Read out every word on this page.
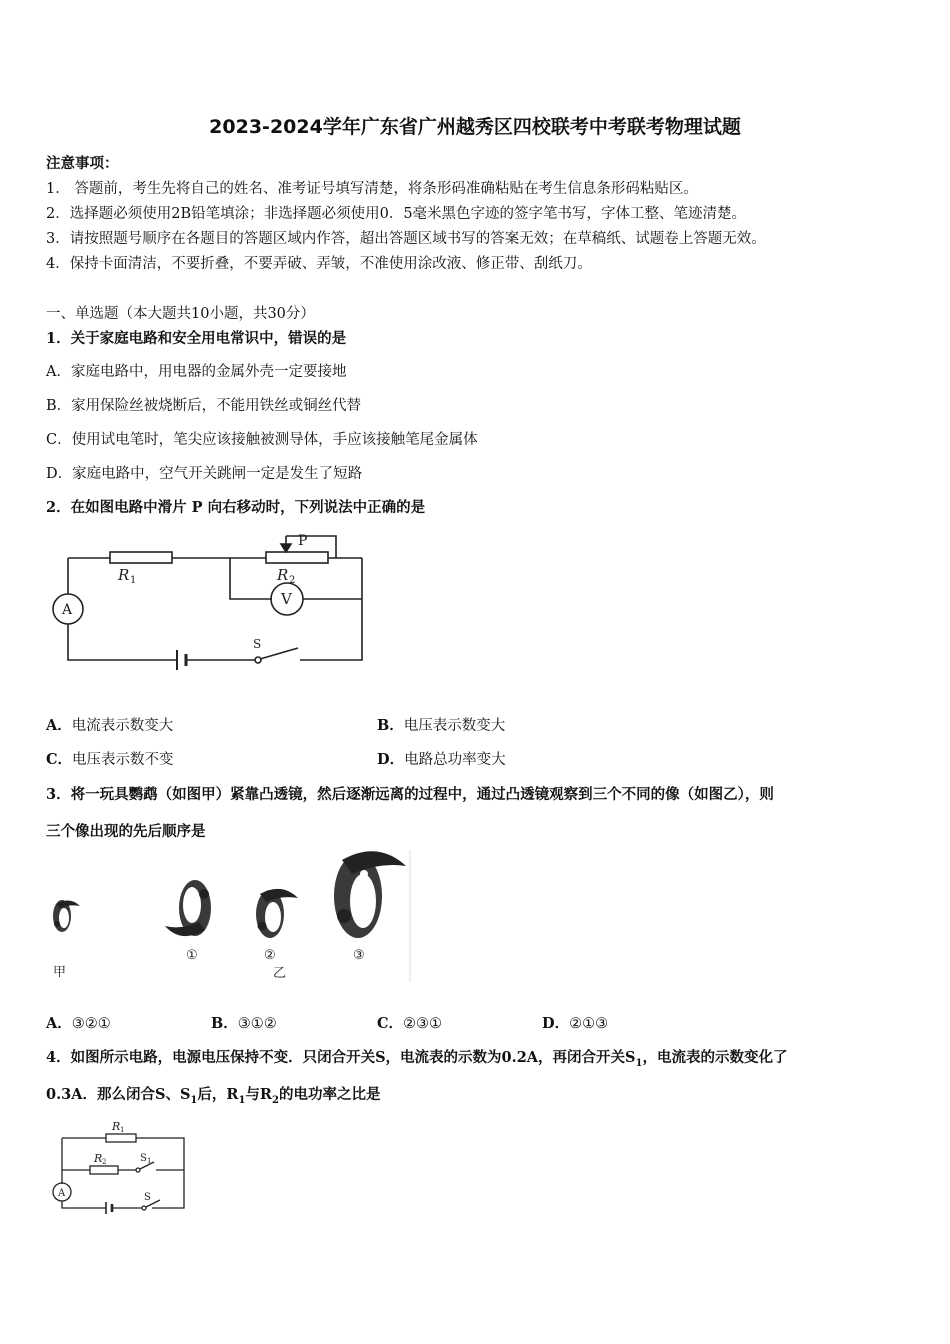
2023-2024学年广东省广州越秀区四校联考中考联考物理试题
注意事项：
1． 答题前，考生先将自己的姓名、准考证号填写清楚，将条形码准确粘贴在考生信息条形码粘贴区。
2．选择题必须使用2B铅笔填涂；非选择题必须使用0．5毫米黑色字迹的签字笔书写，字体工整、笔迹清楚。
3．请按照题号顺序在各题目的答题区域内作答，超出答题区域书写的答案无效；在草稿纸、试题卷上答题无效。
4．保持卡面清洁，不要折叠，不要弄破、弄皱，不准使用涂改液、修正带、刮纸刀。
一、单选题（本大题共10小题，共30分）
1．关于家庭电路和安全用电常识中，错误的是
A．家庭电路中，用电器的金属外壳一定要接地
B．家用保险丝被烧断后，不能用铁丝或铜丝代替
C．使用试电笔时，笔尖应该接触被测导体，手应该接触笔尾金属体
D．家庭电路中，空气开关跳闸一定是发生了短路
2．在如图电路中滑片 P 向右移动时，下列说法中正确的是
P
R 1	R 2
A
V
S
A．电流表示数变大	B．电压表示数变大
C．电压表示数不变	D．电路总功率变大
3．将一玩具鹦鹉（如图甲）紧靠凸透镜，然后逐渐远离的过程中，通过凸透镜观察到三个不同的像（如图乙），则
三个像出现的先后顺序是
甲
①	②	③
乙
A．③②①	B．③①②	C．②③①	D．②①③
4．如图所示电路，电源电压保持不变．只闭合开关S，电流表的示数为0.2A，再闭合开关$S_1$，电流表的示数变化了
0.3A．那么闭合S、$S_1$后，$R_1$与$R_2$的电功率之比是
R 1
R 2	S 1
S
A
